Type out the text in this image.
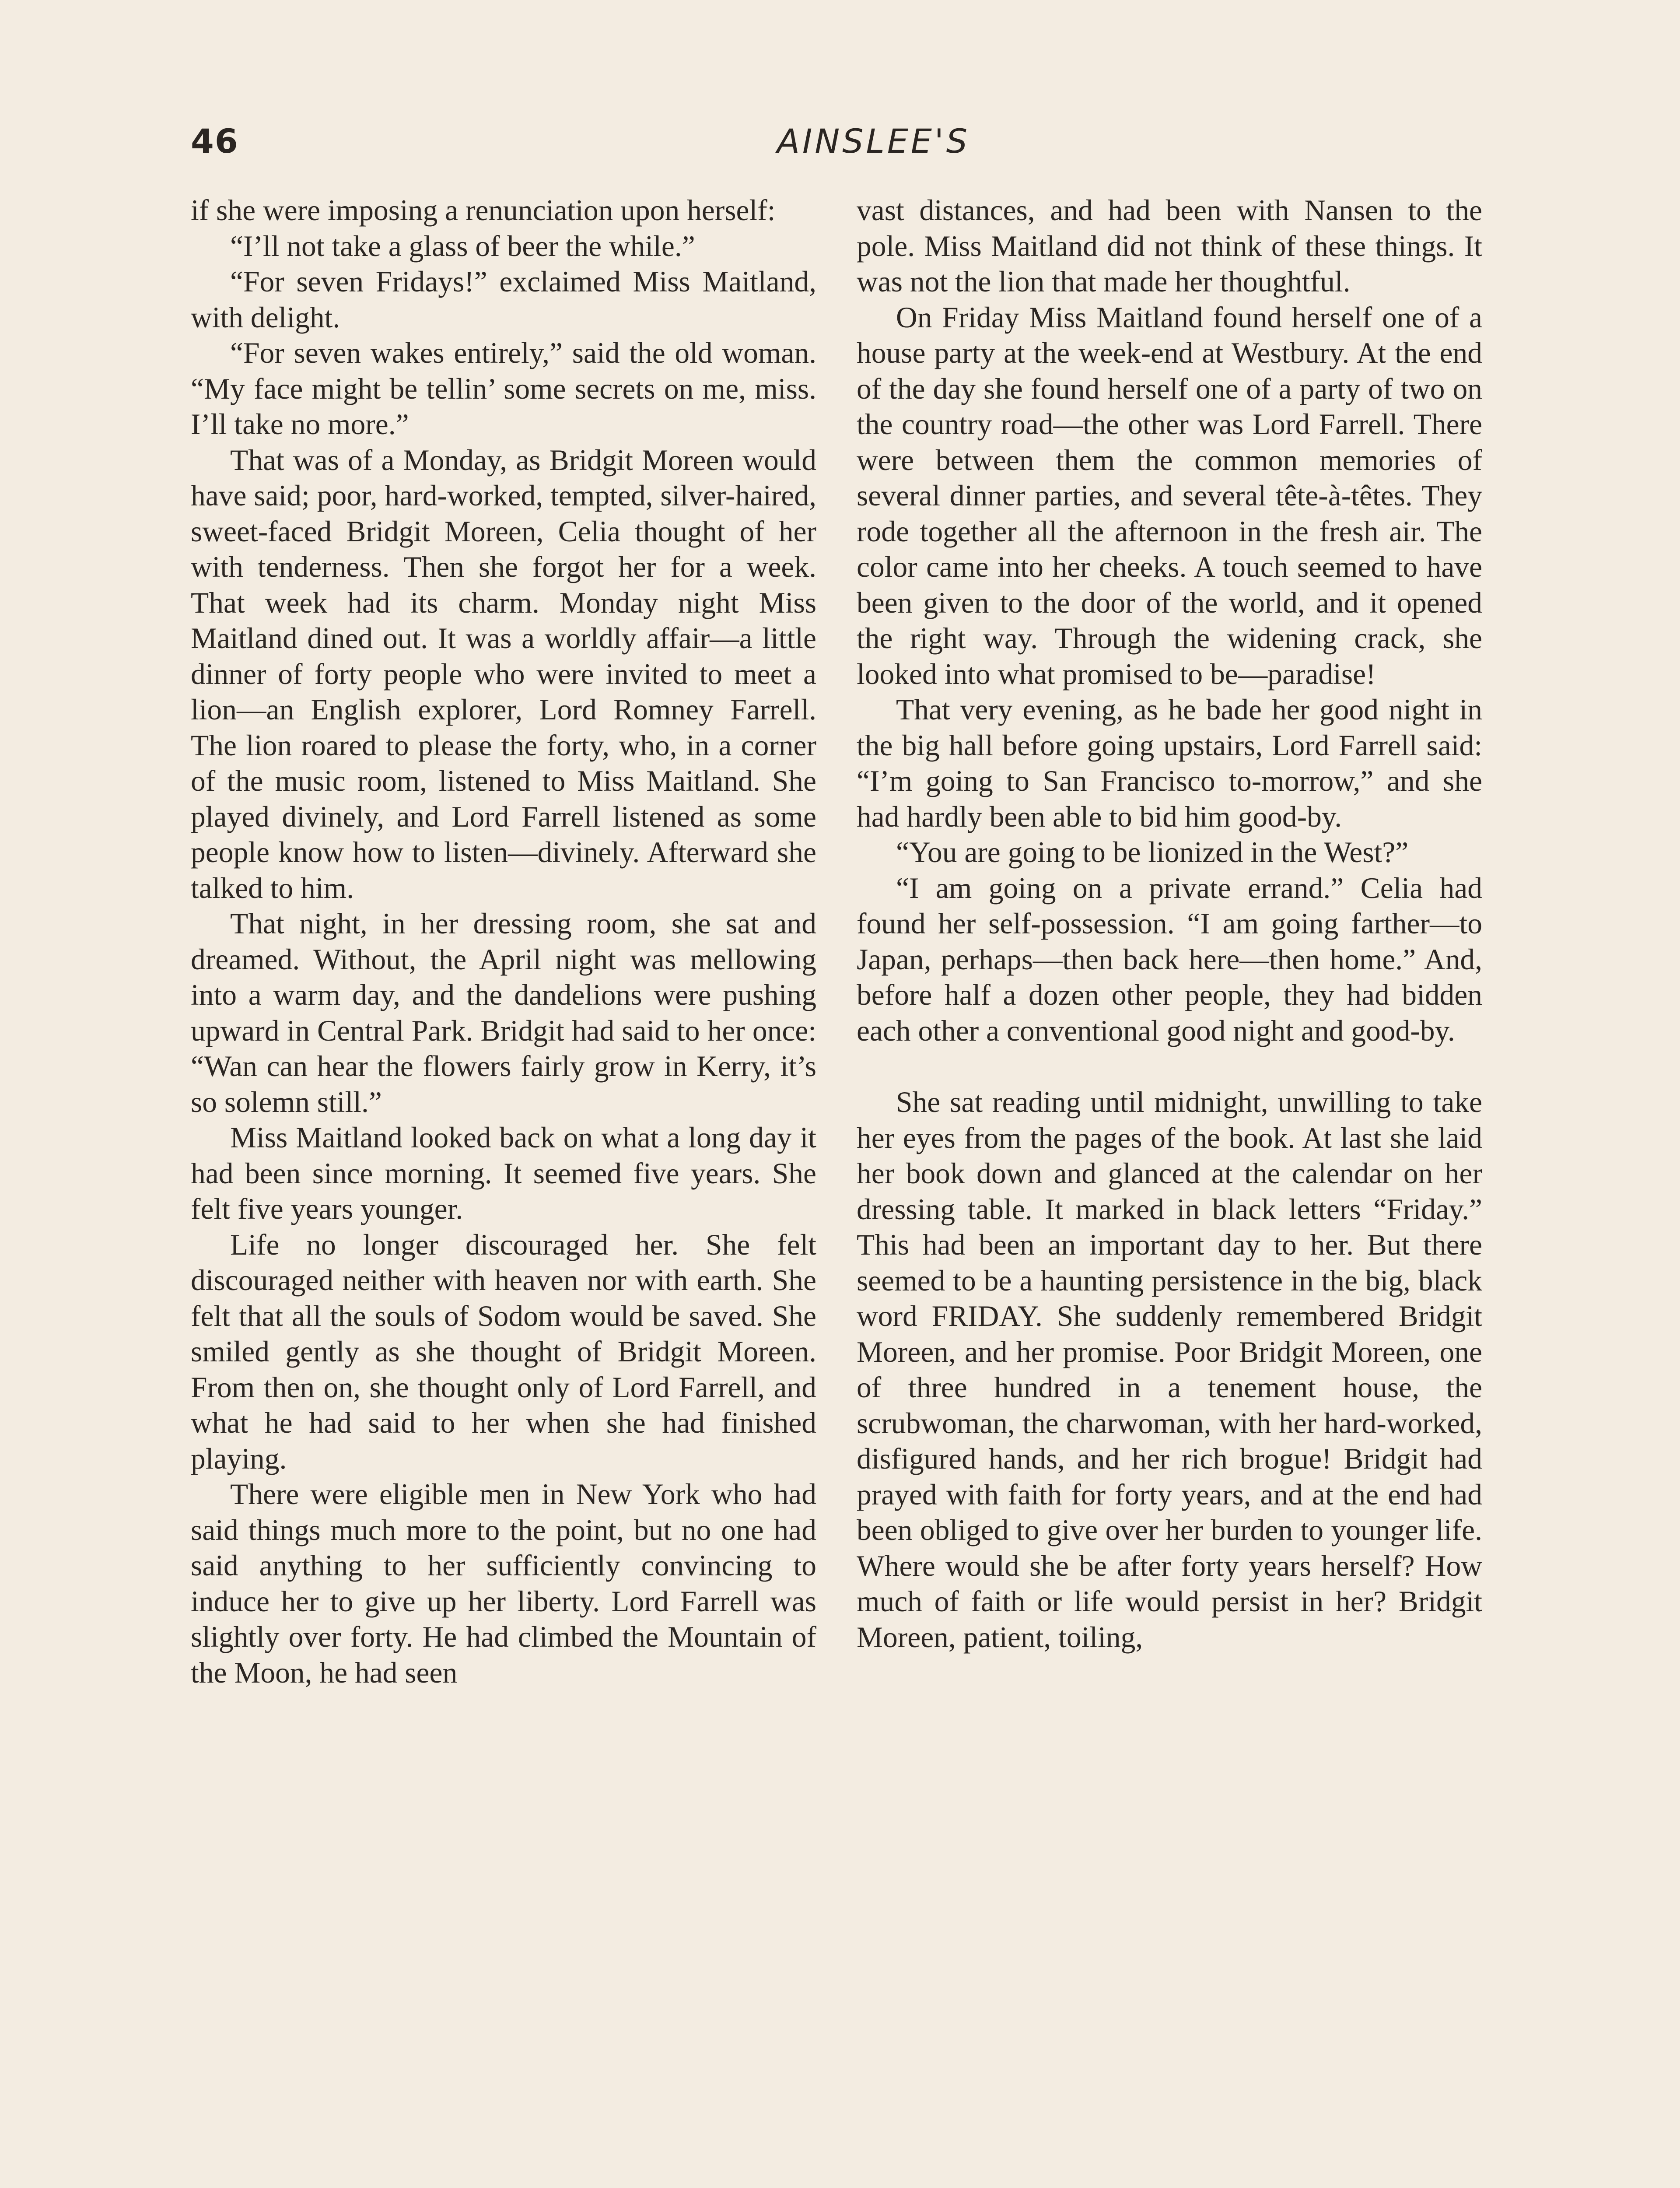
46	AINSLEE'S

if she were imposing a renunciation upon herself:

“I’ll not take a glass of beer the while.”

“For seven Fridays!” exclaimed Miss Maitland, with delight.

“For seven wakes entirely,” said the old woman. “My face might be tellin’ some secrets on me, miss. I’ll take no more.”

That was of a Monday, as Bridgit Moreen would have said; poor, hard-worked, tempted, silver-haired, sweet-faced Bridgit Moreen, Celia thought of her with tenderness. Then she forgot her for a week. That week had its charm. Monday night Miss Maitland dined out. It was a worldly affair—a little dinner of forty people who were invited to meet a lion—an English explorer, Lord Romney Farrell. The lion roared to please the forty, who, in a corner of the music room, listened to Miss Maitland. She played divinely, and Lord Farrell listened as some people know how to listen—divinely. Afterward she talked to him.

That night, in her dressing room, she sat and dreamed. Without, the April night was mellowing into a warm day, and the dandelions were pushing upward in Central Park. Bridgit had said to her once: “Wan can hear the flowers fairly grow in Kerry, it’s so solemn still.”

Miss Maitland looked back on what a long day it had been since morning. It seemed five years. She felt five years younger.

Life no longer discouraged her. She felt discouraged neither with heaven nor with earth. She felt that all the souls of Sodom would be saved. She smiled gently as she thought of Bridgit Moreen. From then on, she thought only of Lord Farrell, and what he had said to her when she had finished playing.

There were eligible men in New York who had said things much more to the point, but no one had said anything to her sufficiently convincing to induce her to give up her liberty. Lord Farrell was slightly over forty. He had climbed the Mountain of the Moon, he had seen

vast distances, and had been with Nansen to the pole. Miss Maitland did not think of these things. It was not the lion that made her thoughtful.

On Friday Miss Maitland found herself one of a house party at the week-end at Westbury. At the end of the day she found herself one of a party of two on the country road—the other was Lord Farrell. There were between them the common memories of several dinner parties, and several tête-à-têtes. They rode together all the afternoon in the fresh air. The color came into her cheeks. A touch seemed to have been given to the door of the world, and it opened the right way. Through the widening crack, she looked into what promised to be—paradise!

That very evening, as he bade her good night in the big hall before going upstairs, Lord Farrell said: “I’m going to San Francisco to-morrow,” and she had hardly been able to bid him good-by.

“You are going to be lionized in the West?”

“I am going on a private errand.” Celia had found her self-possession. “I am going farther—to Japan, perhaps—then back here—then home.” And, before half a dozen other people, they had bidden each other a conventional good night and good-by.

She sat reading until midnight, unwilling to take her eyes from the pages of the book. At last she laid her book down and glanced at the calendar on her dressing table. It marked in black letters “Friday.” This had been an important day to her. But there seemed to be a haunting persistence in the big, black word FRIDAY. She suddenly remembered Bridgit Moreen, and her promise. Poor Bridgit Moreen, one of three hundred in a tenement house, the scrubwoman, the charwoman, with her hard-worked, disfigured hands, and her rich brogue! Bridgit had prayed with faith for forty years, and at the end had been obliged to give over her burden to younger life. Where would she be after forty years herself? How much of faith or life would persist in her? Bridgit Moreen, patient, toiling,
